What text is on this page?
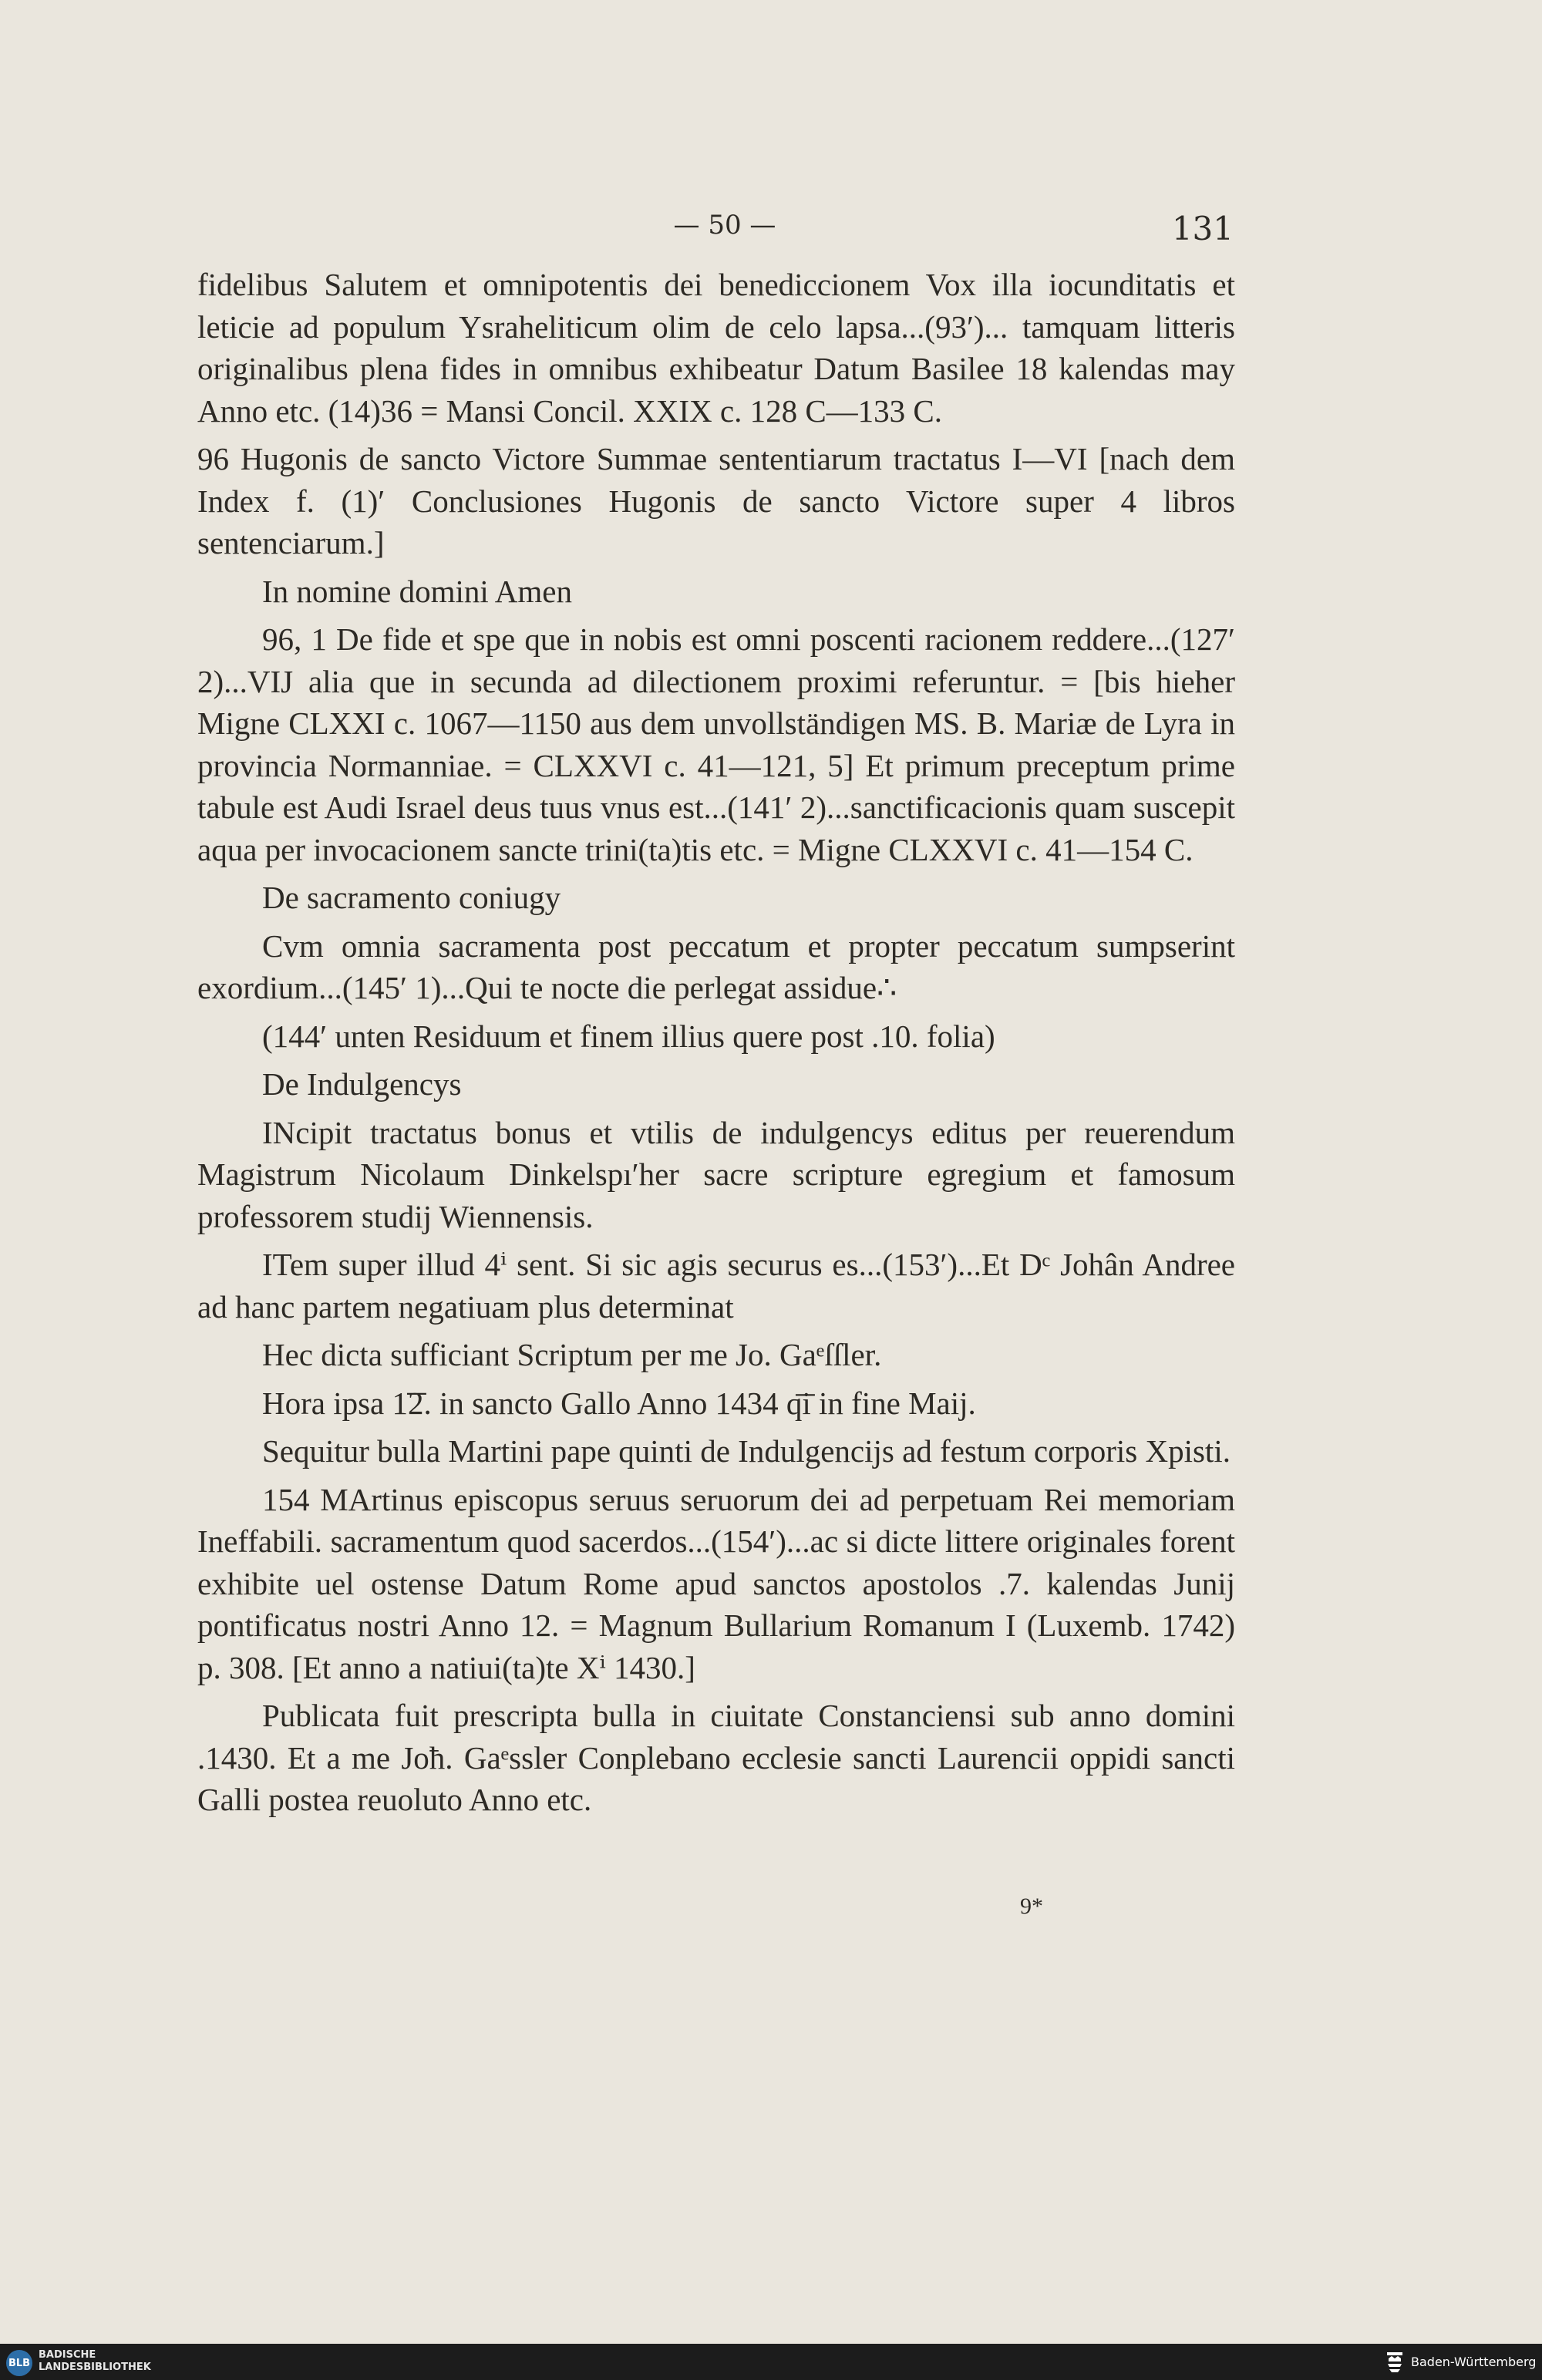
— 50 —	131

fidelibus Salutem et omnipotentis dei benediccionem Vox illa iocunditatis et leticie ad populum Ysraheliticum olim de celo lapsa...(93′)... tamquam litteris originalibus plena fides in omnibus exhibeatur Datum Basilee 18 kalendas may Anno etc. (14)36 = Mansi Concil. XXIX c. 128 C—133 C.

96 Hugonis de sancto Victore Summae sententiarum tractatus I—VI [nach dem Index f. (1)′ Conclusiones Hugonis de sancto Victore super 4 libros sentenciarum.]

In nomine domini Amen

96, 1 De fide et spe que in nobis est omni poscenti racionem reddere...(127′ 2)...VIJ alia que in secunda ad dilectionem proximi referuntur. = [bis hieher Migne CLXXI c. 1067—1150 aus dem unvollständigen MS. B. Mariæ de Lyra in provincia Normanniae. = CLXXVI c. 41—121, 5] Et primum preceptum prime tabule est Audi Israel deus tuus vnus est...(141′ 2)...sanctificacionis quam suscepit aqua per invocacionem sancte trini(ta)tis etc. = Migne CLXXVI c. 41—154 C.

De sacramento coniugy

Cvm omnia sacramenta post peccatum et propter peccatum sumpserint exordium...(145′ 1)...Qui te nocte die perlegat assidue∴

(144′ unten Residuum et finem illius quere post .10. folia)

De Indulgencys

INcipit tractatus bonus et vtilis de indulgencys editus per reuerendum Magistrum Nicolaum Dinkelspı′her sacre scripture egregium et famosum professorem studij Wiennensis.

ITem super illud 4ⁱ sent. Si sic agis securus es...(153′)...Et Dᶜ Johân Andree ad hanc partem negatiuam plus determinat

Hec dicta sufficiant Scriptum per me Jo. Gaᵉſſler.

Hora ipsa 1͞2. in sancto Gallo Anno 1434 q͞i in fine Maij.

Sequitur bulla Martini pape quinti de Indulgencijs ad festum corporis Xpisti.

154 MArtinus episcopus seruus seruorum dei ad perpetuam Rei memoriam Ineffabili. sacramentum quod sacerdos...(154′)...ac si dicte littere originales forent exhibite uel ostense Datum Rome apud sanctos apostolos .7. kalendas Junij pontificatus nostri Anno 12. = Magnum Bullarium Romanum I (Luxemb. 1742) p. 308. [Et anno a natiui(ta)te Xⁱ 1430.]

Publicata fuit prescripta bulla in ciuitate Constanciensi sub anno domini .1430. Et a me Joħ. Gaᵉssler Conplebano ecclesie sancti Laurencii oppidi sancti Galli postea reuoluto Anno etc.

9*
BLB
BADISCHE
LANDESBIBLIOTHEK	Baden-Württemberg
